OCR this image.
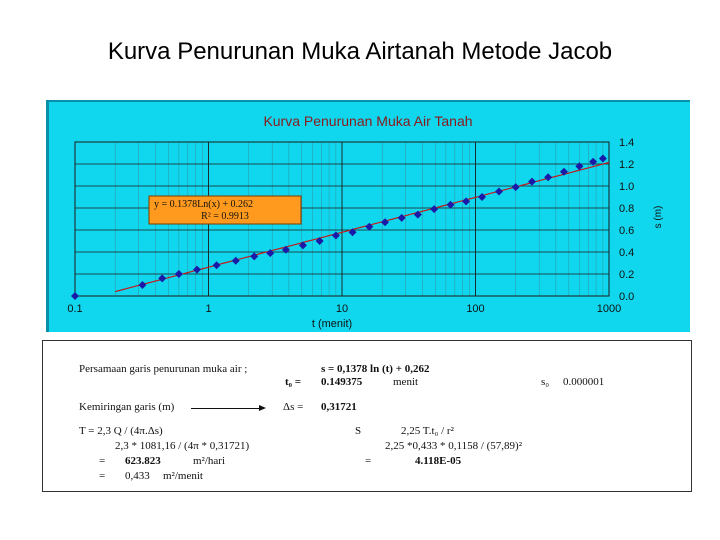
Kurva Penurunan Muka Airtanah Metode Jacob
Kurva Penurunan Muka Air Tanah
0.1	1	10	100	1000
0.0
0.2
0.4
0.6
0.8
1.0
1.2
1.4
y = 0.1378Ln(x) + 0.262
R² = 0.9913
t (menit)
s (m)
Persamaan garis penurunan muka air ;	s = 0,1378 ln (t) + 0,262
t₀ = 0.149375	menit	s₀ 0.000001
Kemiringan garis (m)	Δs = 0,31721
T = 2,3 Q / (4π.Δs)
2,3 * 1081,16 / (4π * 0,31721)
= 623.823	m²/hari
= 0,433 m²/menit
S	2,25 T.t₀ / r²
2,25 *0,433 * 0,1158 / (57,89)²
=	4.118E-05
